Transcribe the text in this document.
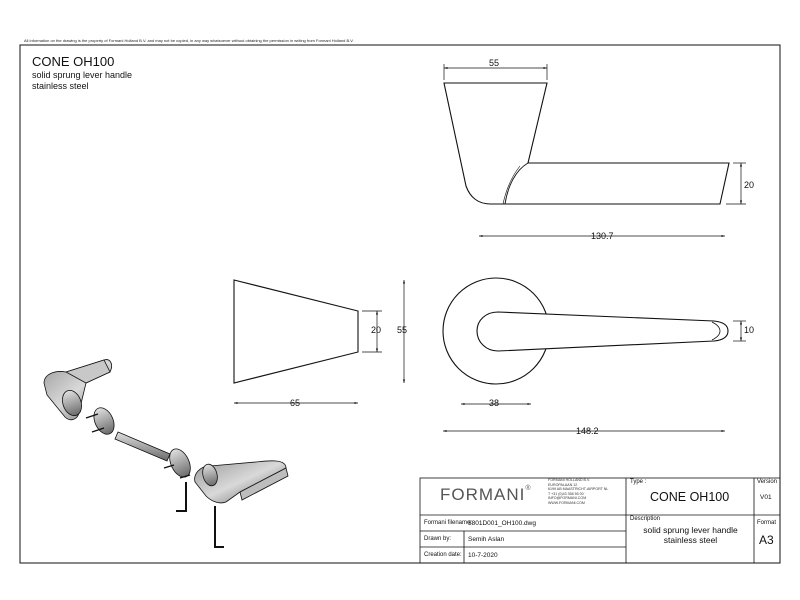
All information on the drawing is the property of Formani Holland B.V. and may not be copied, in any way whatsoever without obtaining the permission in writing from Formani Holland B.V.
CONE OH100
solid sprung lever handle
stainless steel
55
20
130.7
20 55
65
10
38
148.2
FORMANI®
FORMANI HOLLAND B.V.
EUROPALAAN 12
6199 AB MAASTRICHT-AIRPORT NL
T +31 (0)43 358 55 00
INFO@FORMANI.COM
WWW.FORMANI.COM
Type :
CONE OH100
Version
V01
Formani filename:
3801D001_OH100.dwg
Drawn by:	Semih Aslan
Creation date: 10-7-2020
Description
solid sprung lever handle
stainless steel
Format
A3
